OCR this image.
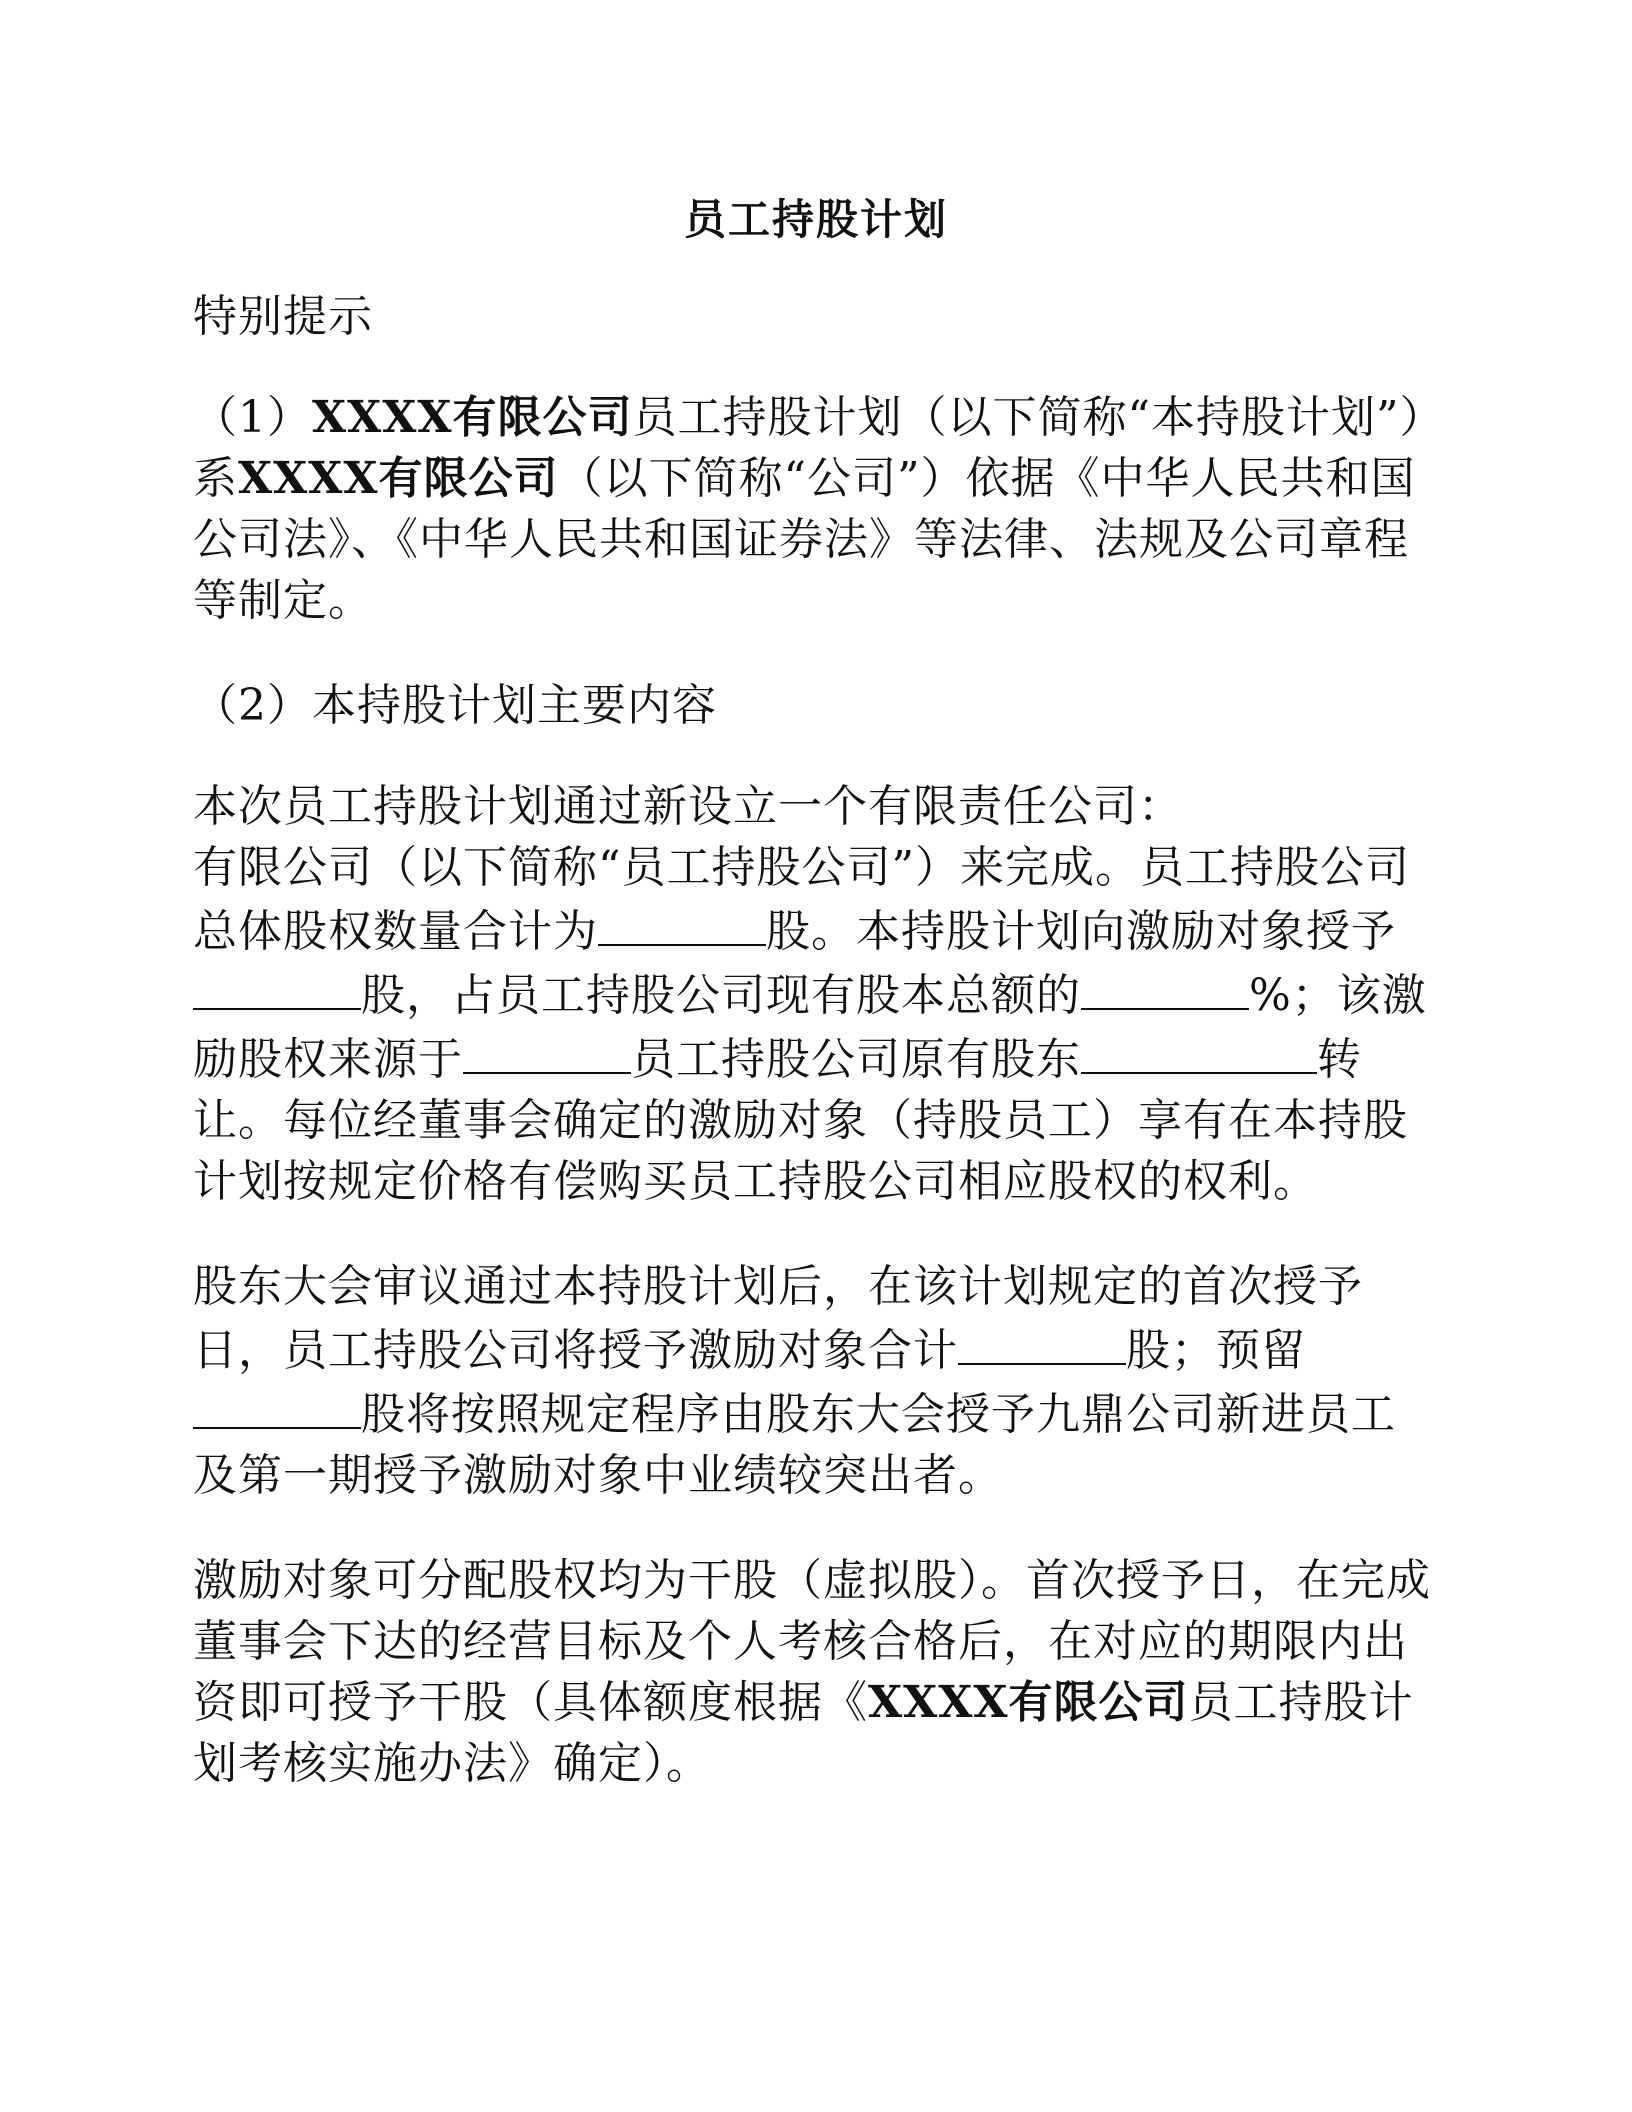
员工持股计划

特别提示

（1）XXXX有限公司员工持股计划（以下简称“本持股计划”）系XXXX有限公司（以下简称“公司”）依据《中华人民共和国公司法》、《中华人民共和国证券法》等法律、法规及公司章程等制定。

（2）本持股计划主要内容

本次员工持股计划通过新设立一个有限责任公司：
有限公司（以下简称“员工持股公司”）来完成。员工持股公司总体股权数量合计为	股。本持股计划向激励对象授予股，占员工持股公司现有股本总额的	%；该激励股权来源于	员工持股公司原有股东	转让。每位经董事会确定的激励对象（持股员工）享有在本持股计划按规定价格有偿购买员工持股公司相应股权的权利。

股东大会审议通过本持股计划后，在该计划规定的首次授予日，员工持股公司将授予激励对象合计	股；预留股将按照规定程序由股东大会授予九鼎公司新进员工及第一期授予激励对象中业绩较突出者。

激励对象可分配股权均为干股（虚拟股）。首次授予日，在完成董事会下达的经营目标及个人考核合格后，在对应的期限内出资即可授予干股（具体额度根据《XXXX有限公司员工持股计划考核实施办法》确定）。
